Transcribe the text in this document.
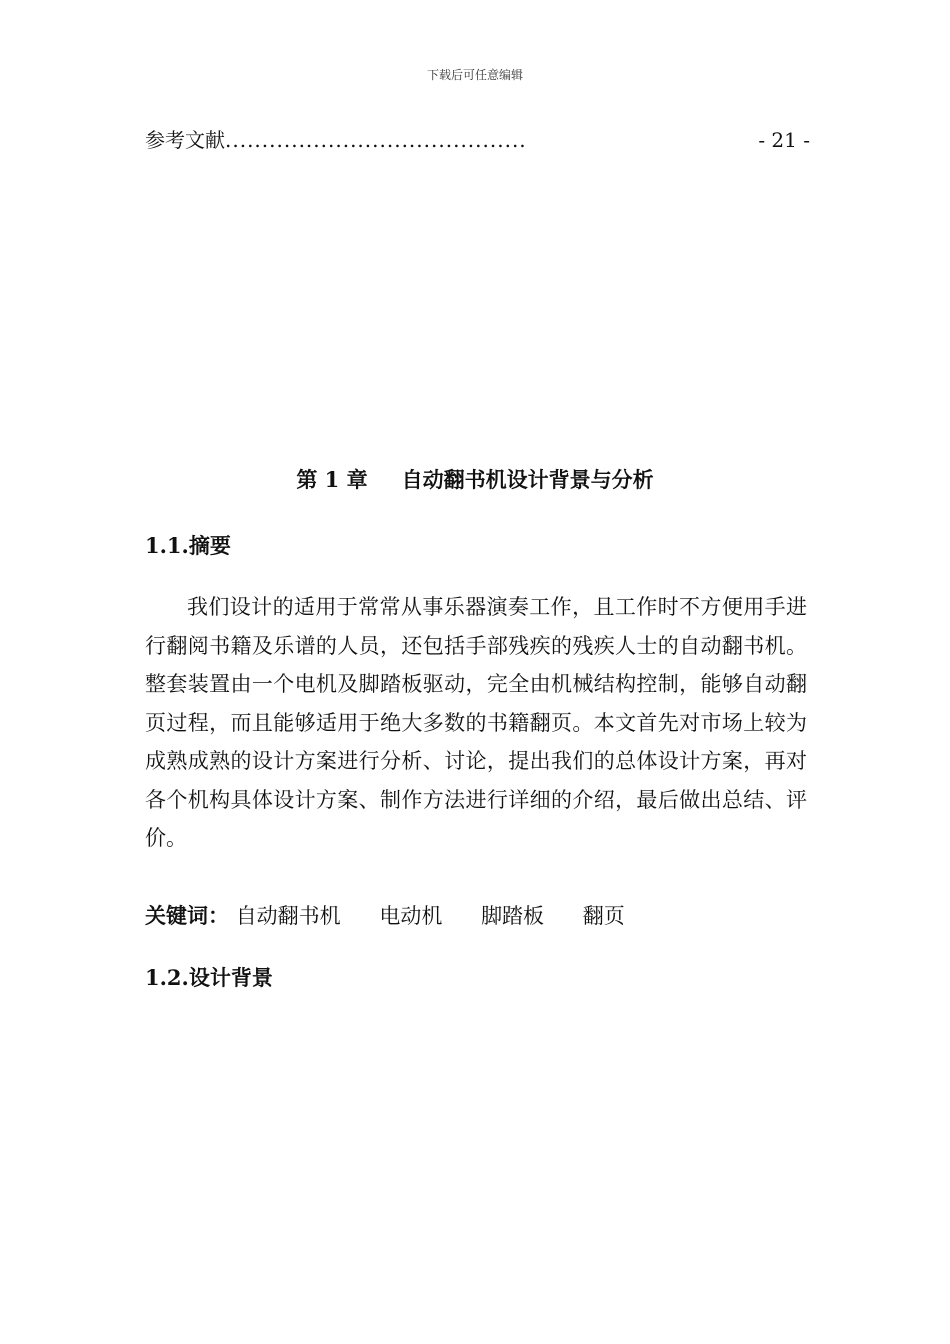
下载后可任意编辑
参考文献 .........................................	- 21 -
第 1 章 自动翻书机设计背景与分析
1.1.摘要
我们设计的适用于常常从事乐器演奏工作，且工作时不方便用手进行翻阅书籍及乐谱的人员，还包括手部残疾的残疾人士的自动翻书机。整套装置由一个电机及脚踏板驱动，完全由机械结构控制，能够自动翻页过程，而且能够适用于绝大多数的书籍翻页。本文首先对市场上较为成熟成熟的设计方案进行分析、讨论，提出我们的总体设计方案，再对各个机构具体设计方案、制作方法进行详细的介绍，最后做出总结、评价。
关键词： 自动翻书机 电动机 脚踏板 翻页
1.2.设计背景
